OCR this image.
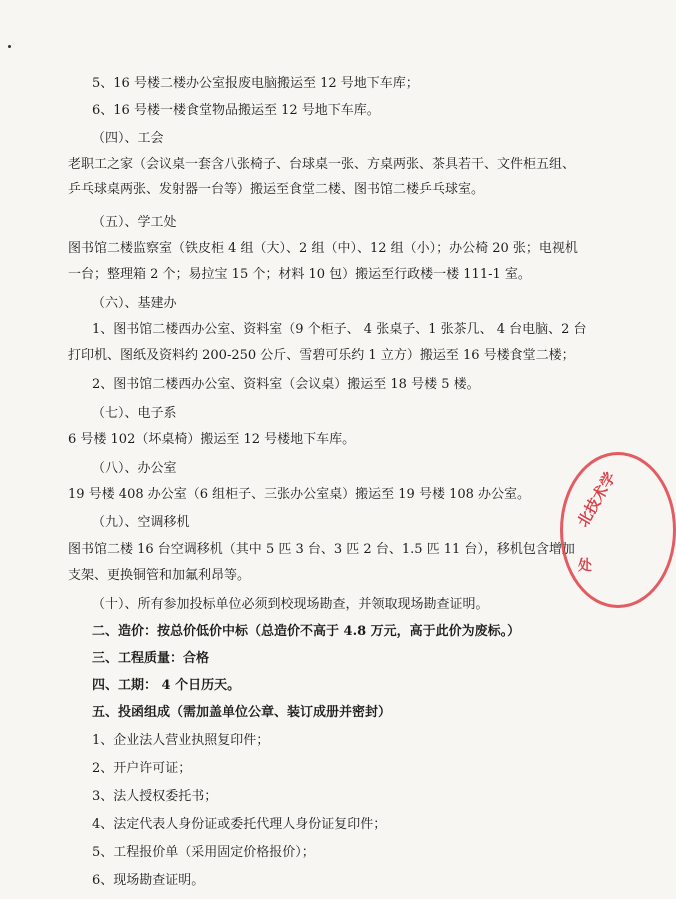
5、16 号楼二楼办公室报废电脑搬运至 12 号地下车库；
6、16 号楼一楼食堂物品搬运至 12 号地下车库。
（四）、工会
老职工之家（会议桌一套含八张椅子、台球桌一张、方桌两张、茶具若干、文件柜五组、
乒乓球桌两张、发射器一台等）搬运至食堂二楼、图书馆二楼乒乓球室。
（五）、学工处
图书馆二楼监察室（铁皮柜 4 组（大）、2 组（中）、12 组（小）；办公椅 20 张；电视机
一台；整理箱 2 个；易拉宝 15 个；材料 10 包）搬运至行政楼一楼 111-1 室。
（六）、基建办
1、图书馆二楼西办公室、资料室（9 个柜子、 4 张桌子、1 张茶几、 4 台电脑、2 台
打印机、图纸及资料约 200-250 公斤、雪碧可乐约 1 立方）搬运至 16 号楼食堂二楼；
2、图书馆二楼西办公室、资料室（会议桌）搬运至 18 号楼 5 楼。
（七）、电子系
6 号楼 102（坏桌椅）搬运至 12 号楼地下车库。
（八）、办公室
19 号楼 408 办公室（6 组柜子、三张办公室桌）搬运至 19 号楼 108 办公室。
（九）、空调移机
图书馆二楼 16 台空调移机（其中 5 匹 3 台、3 匹 2 台、1.5 匹 11 台），移机包含增加
支架、更换铜管和加氟利昂等。
（十）、所有参加投标单位必须到校现场勘查，并领取现场勘查证明。
二、造价：按总价低价中标（总造价不高于 4.8 万元，高于此价为废标。）
三、工程质量：合格
四、工期： 4 个日历天。
五、投函组成（需加盖单位公章、装订成册并密封）
1、企业法人营业执照复印件；
2、开户许可证；
3、法人授权委托书；
4、法定代表人身份证或委托代理人身份证复印件；
5、工程报价单（采用固定价格报价）；
6、现场勘查证明。
北技术学
处
